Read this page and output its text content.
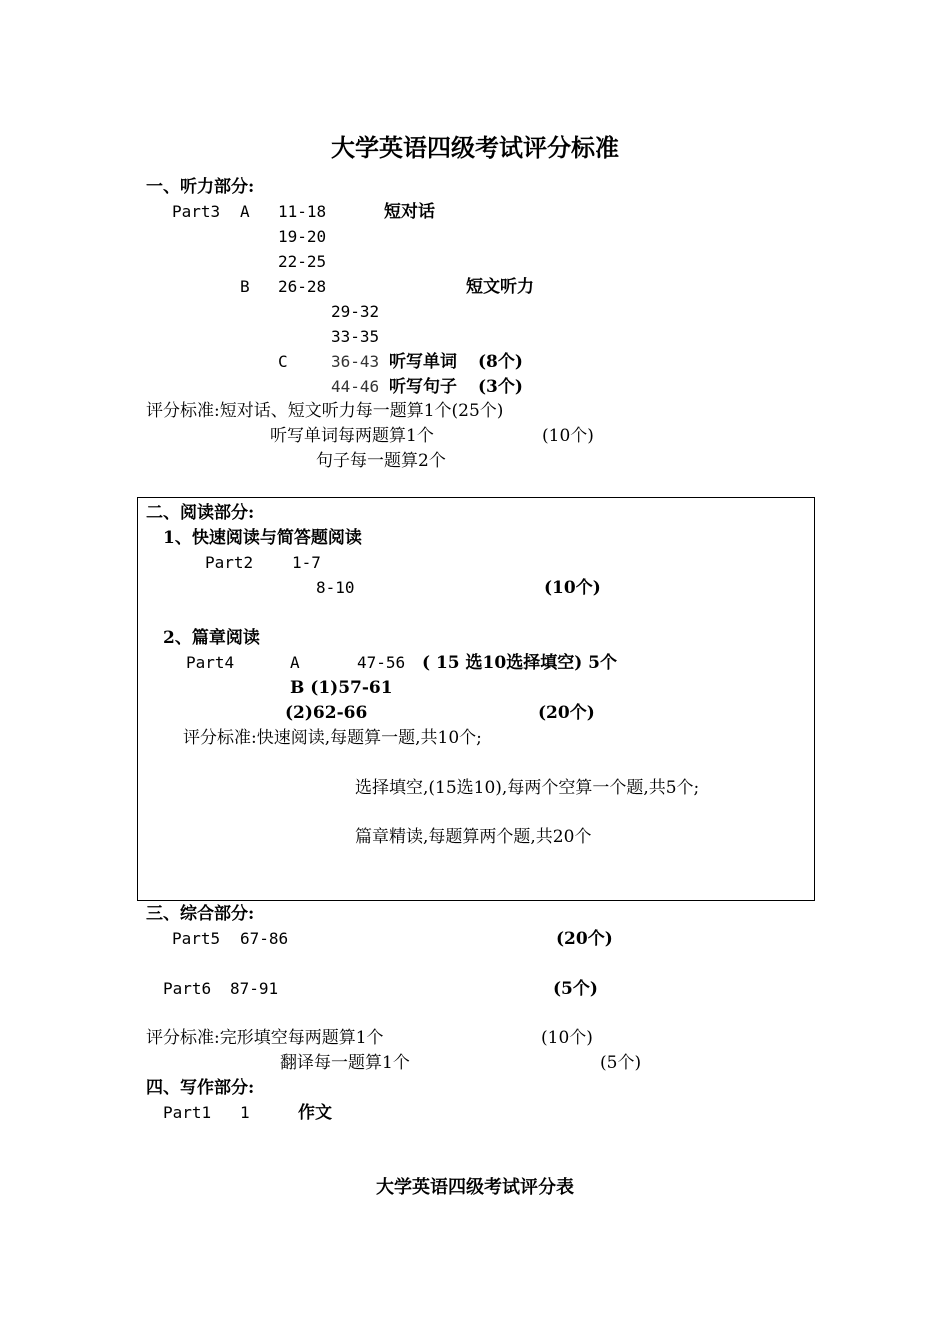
大学英语四级考试评分标准
一、听力部分:
Part3 A 11-18	短对话
19-20
22-25
B 26-28	短文听力
29-32
33-35
C	36-43 听写单词 (8个)
44-46 听写句子 (3个)
评分标准:短对话、短文听力每一题算1个(25个)
听写单词每两题算1个	(10个)
句子每一题算2个
二、阅读部分:
1、快速阅读与简答题阅读
Part2 1-7
8-10	(10个)
2、篇章阅读
Part4	A	47-56 ( 15 选10选择填空) 5个
B (1)57-61
(2)62-66	(20个)
评分标准:快速阅读,每题算一题,共10个;
选择填空,(15选10),每两个空算一个题,共5个;
篇章精读,每题算两个题,共20个
三、综合部分:
Part5 67-86	(20个)
Part6 87-91	(5个)
评分标准:完形填空每两题算1个	(10个)
翻译每一题算1个	(5个)
四、写作部分:
Part1 1	作文
大学英语四级考试评分表
